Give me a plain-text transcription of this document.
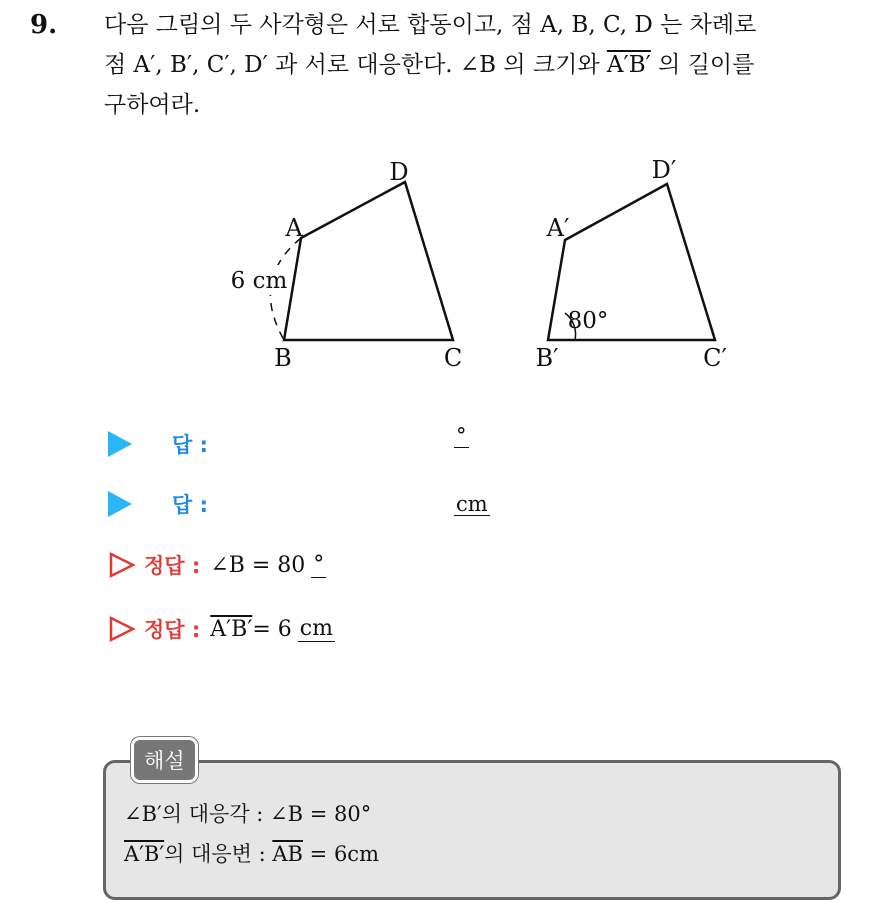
9. 다음 그림의 두 사각형은 서로 합동이고, 점 A, B, C, D 는 차례로
점 A′, B′, C′, D′ 과 서로 대응한다. ∠B 의 크기와 A′B′ 의 길이를
구하여라.
D
A
6 cm
B	C
D′
A′
80°
B′	C′
답 :	°
답 :	cm
정답 : ∠B = 80 °
정답 : A′B′ = 6 cm
해설
∠B′의 대응각 : ∠B = 80°
A′B′의 대응변 : $\overline{AB} = 6cm$
